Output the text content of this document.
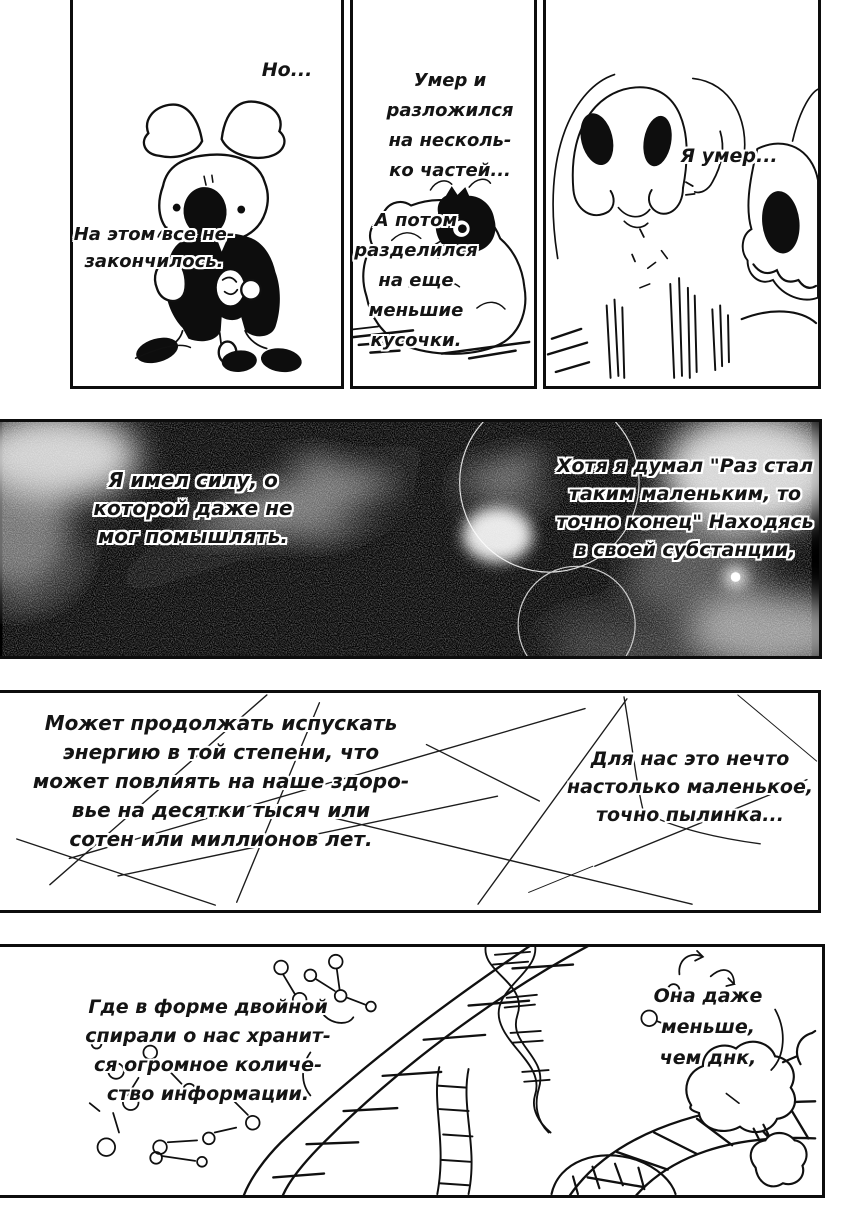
Но...
На этом все не-
закончилось.
Умер и
разложился
на несколь-
ко частей...
А потом
разделился
на еще
меньшие
кусочки.
Я умер...
Я имел силу, о
которой даже не
мог помышлять.
Хотя я думал "Раз стал
таким маленьким, то
точно конец" Находясь
в своей субстанции,
Может продолжать испускать
энергию в той степени, что
может повлиять на наше здоро-
вье на десятки тысяч или
сотен или миллионов лет.
Для нас это нечто
настолько маленькое,
точно пылинка...
Где в форме двойной
спирали о нас хранит-
ся огромное количе-
ство информации.
Она даже
меньше,
чем днк,
